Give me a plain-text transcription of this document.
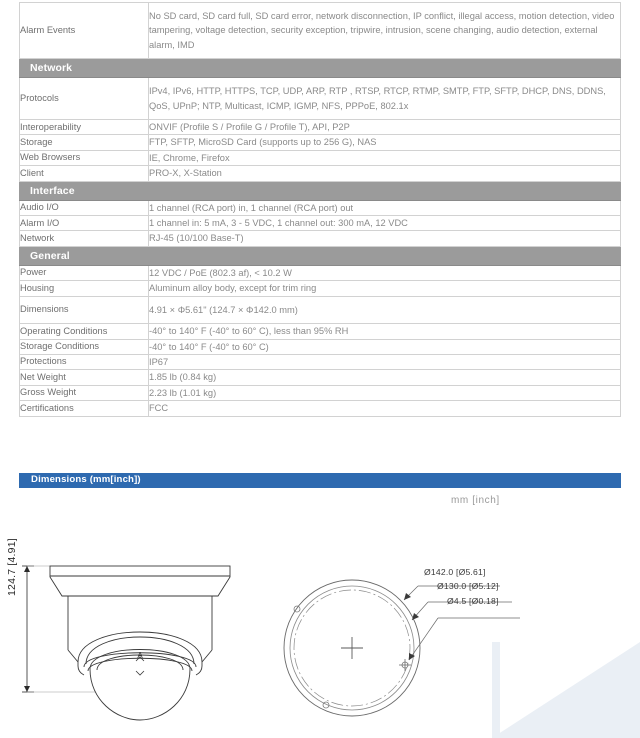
Alarm Events	No SD card, SD card full, SD card error, network disconnection, IP conflict, illegal access, motion detection, video tampering, voltage detection, security exception, tripwire, intrusion, scene changing, audio detection, external alarm, IMD
Network	
Protocols	IPv4, IPv6, HTTP, HTTPS, TCP, UDP, ARP, RTP , RTSP, RTCP, RTMP, SMTP, FTP, SFTP, DHCP, DNS, DDNS, QoS, UPnP; NTP, Multicast, ICMP, IGMP, NFS, PPPoE, 802.1x
Interoperability	ONVIF (Profile S / Profile G / Profile T), API, P2P
Storage	FTP, SFTP, MicroSD Card (supports up to 256 G), NAS
Web Browsers	IE, Chrome, Firefox
Client	PRO-X, X-Station
Interface	
Audio I/O	1 channel (RCA port) in, 1 channel (RCA port) out
Alarm I/O	1 channel in: 5 mA, 3 - 5 VDC, 1 channel out: 300 mA, 12 VDC
Network	RJ-45 (10/100 Base-T)
General	
Power	12 VDC / PoE (802.3 af), < 10.2 W
Housing	Aluminum alloy body, except for trim ring
Dimensions	4.91 × Φ5.61" (124.7 × Φ142.0 mm)
Operating Conditions	-40° to 140° F (-40° to 60° C), less than 95% RH
Storage Conditions	-40° to 140° F (-40° to 60° C)
Protections	IP67
Net Weight	1.85 lb (0.84 kg)
Gross Weight	2.23 lb (1.01 kg)
Certifications	FCC
Dimensions (mm[inch])
mm [inch]
A
124.7 [4.91]	Ø142.0 [Ø5.61]
Ø130.0 [Ø5.12]
Ø4.5 [Ø0.18]
